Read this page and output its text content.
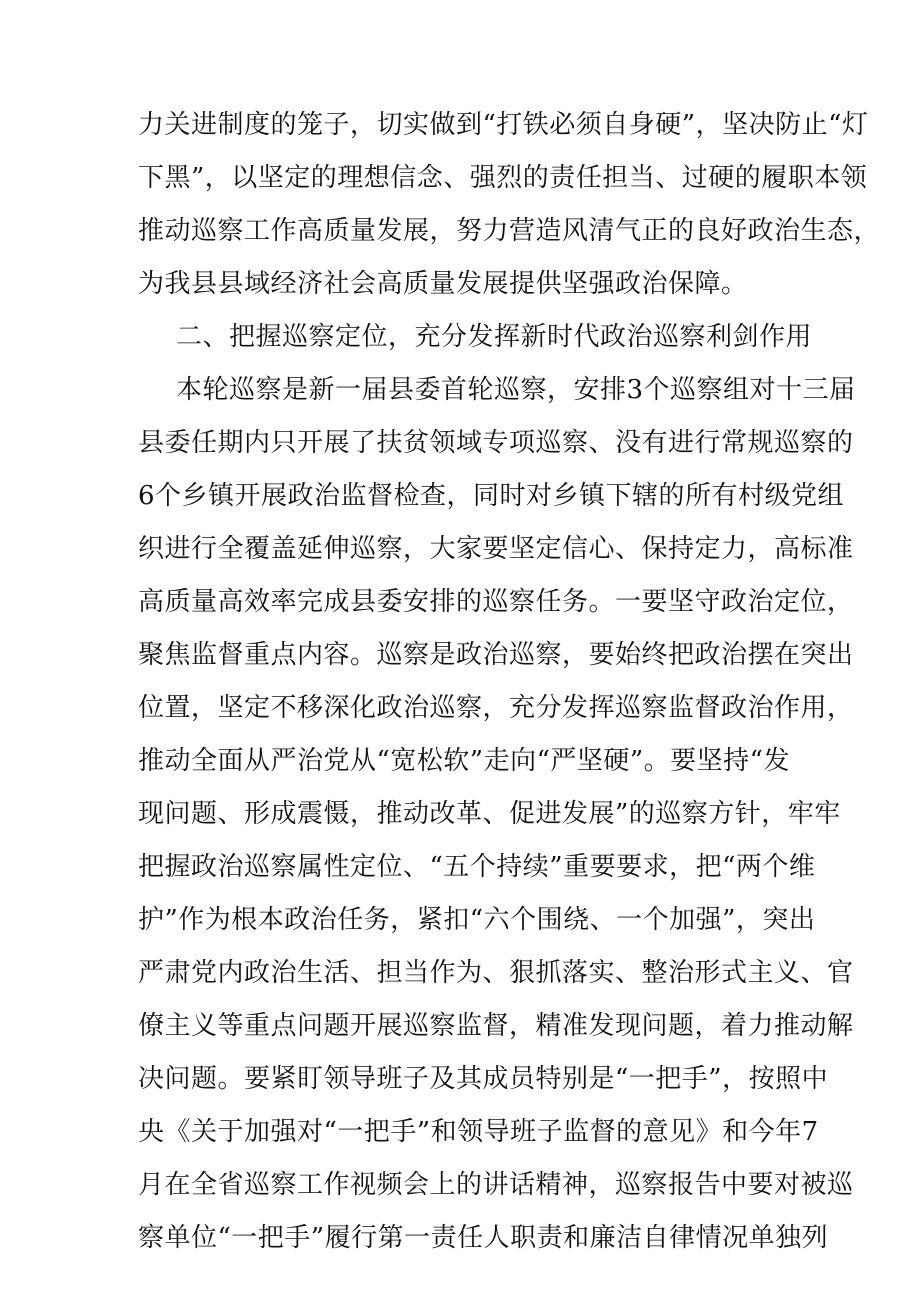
力关进制度的笼子，切实做到“打铁必须自身硬”，坚决防止“灯
下黑”，以坚定的理想信念、强烈的责任担当、过硬的履职本领
推动巡察工作高质量发展，努力营造风清气正的良好政治生态，
为我县县域经济社会高质量发展提供坚强政治保障。
二、把握巡察定位，充分发挥新时代政治巡察利剑作用
本轮巡察是新一届县委首轮巡察，安排3个巡察组对十三届
县委任期内只开展了扶贫领域专项巡察、没有进行常规巡察的
6个乡镇开展政治监督检查，同时对乡镇下辖的所有村级党组
织进行全覆盖延伸巡察，大家要坚定信心、保持定力，高标准
高质量高效率完成县委安排的巡察任务。一要坚守政治定位，
聚焦监督重点内容。巡察是政治巡察，要始终把政治摆在突出
位置，坚定不移深化政治巡察，充分发挥巡察监督政治作用，
推动全面从严治党从“宽松软”走向“严坚硬”。要坚持“发
现问题、形成震慑，推动改革、促进发展”的巡察方针，牢牢
把握政治巡察属性定位、“五个持续”重要要求，把“两个维
护”作为根本政治任务，紧扣“六个围绕、一个加强”，突出
严肃党内政治生活、担当作为、狠抓落实、整治形式主义、官
僚主义等重点问题开展巡察监督，精准发现问题，着力推动解
决问题。要紧盯领导班子及其成员特别是“一把手”，按照中
央《关于加强对“一把手”和领导班子监督的意见》和今年7
月在全省巡察工作视频会上的讲话精神，巡察报告中要对被巡
察单位“一把手”履行第一责任人职责和廉洁自律情况单独列
